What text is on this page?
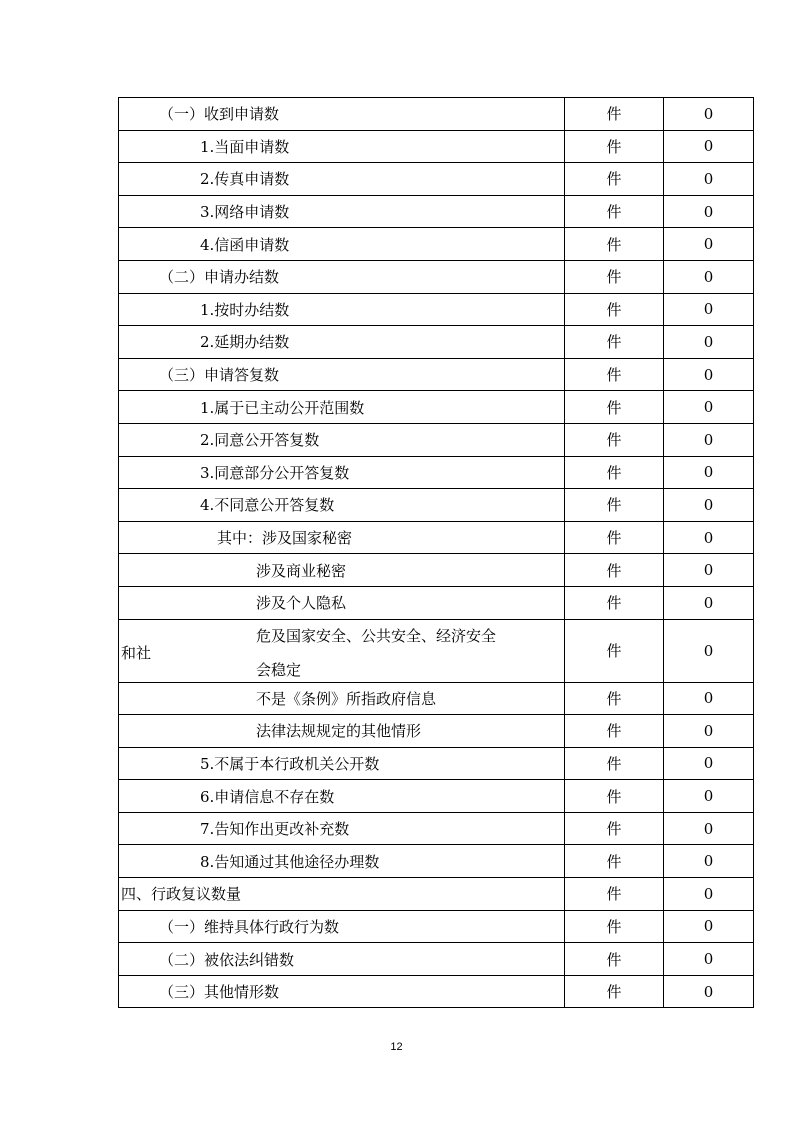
（一）收到申请数	件	0
1.当面申请数	件	0
2.传真申请数	件	0
3.网络申请数	件	0
4.信函申请数	件	0
（二）申请办结数	件	0
1.按时办结数	件	0
2.延期办结数	件	0
（三）申请答复数	件	0
1.属于已主动公开范围数	件	0
2.同意公开答复数	件	0
3.同意部分公开答复数	件	0
4.不同意公开答复数	件	0
其中：涉及国家秘密	件	0
涉及商业秘密	件	0
涉及个人隐私	件	0

危及国家安全、公共安全、经济安全
和社
会稳定	件	0
不是《条例》所指政府信息	件	0
法律法规规定的其他情形	件	0
5.不属于本行政机关公开数	件	0
6.申请信息不存在数	件	0
7.告知作出更改补充数	件	0
8.告知通过其他途径办理数	件	0
四、行政复议数量	件	0
（一）维持具体行政行为数	件	0
（二）被依法纠错数	件	0
（三）其他情形数	件	0
12
